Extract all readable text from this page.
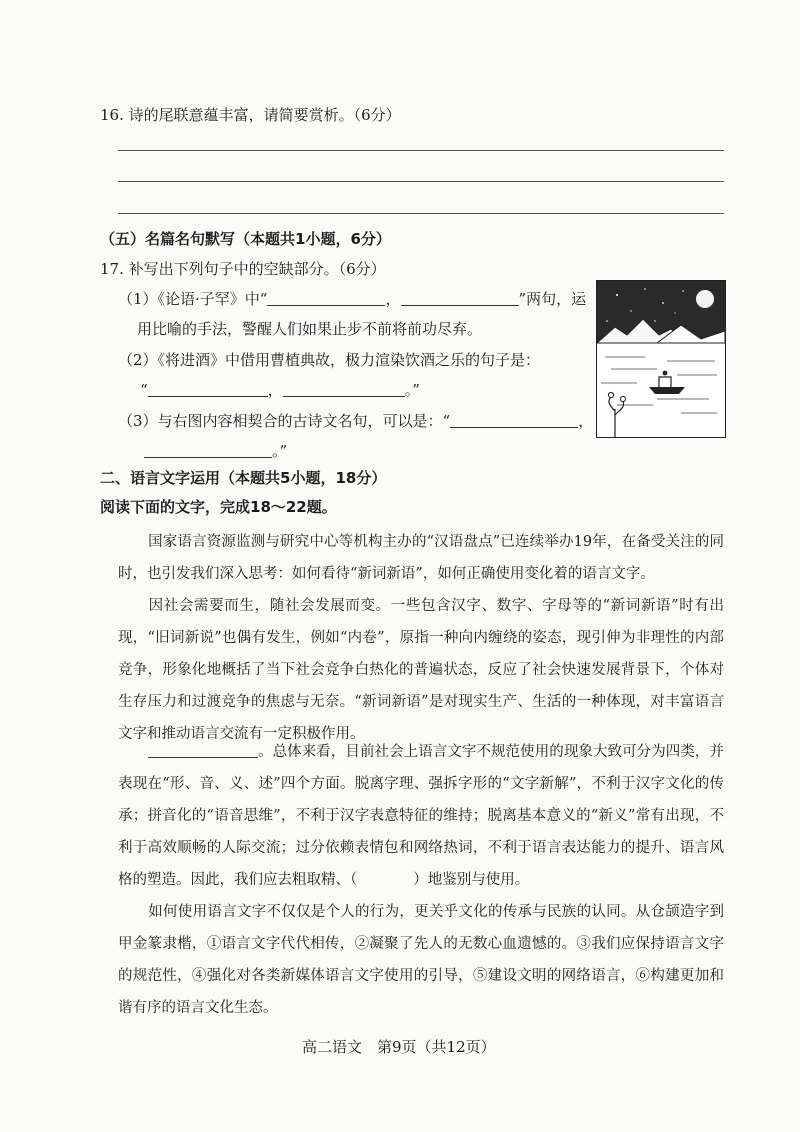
16. 诗的尾联意蕴丰富，请简要赏析。（6分）
（五）名篇名句默写（本题共1小题，6分）
17. 补写出下列句子中的空缺部分。（6分）
（1）《论语·子罕》中“	，	”两句，运
用比喻的手法，警醒人们如果止步不前将前功尽弃。
（2）《将进酒》中借用曹植典故，极力渲染饮酒之乐的句子是：
“	，	。”
（3）与右图内容相契合的古诗文名句，可以是：“	，
。”
二、语言文字运用（本题共5小题，18分）
阅读下面的文字，完成18～22题。
国家语言资源监测与研究中心等机构主办的“汉语盘点”已连续举办19年，在备受关注的同时，也引发我们深入思考：如何看待“新词新语”，如何正确使用变化着的语言文字。
因社会需要而生，随社会发展而变。一些包含汉字、数字、字母等的“新词新语”时有出现，“旧词新说”也偶有发生，例如“内卷”，原指一种向内缠绕的姿态，现引伸为非理性的内部竞争，形象化地概括了当下社会竞争白热化的普遍状态，反应了社会快速发展背景下，个体对生存压力和过渡竞争的焦虑与无奈。“新词新语”是对现实生产、生活的一种体现，对丰富语言文字和推动语言交流有一定积极作用。
。总体来看，目前社会上语言文字不规范使用的现象大致可分为四类，并表现在“形、音、义、述”四个方面。脱离字理、强拆字形的“文字新解”，不利于汉字文化的传承；拼音化的“语音思维”，不利于汉字表意特征的维持；脱离基本意义的“新义”常有出现，不利于高效顺畅的人际交流；过分依赖表情包和网络热词，不利于语言表达能力的提升、语言风格的塑造。因此，我们应去粗取精、（	）地鉴别与使用。
如何使用语言文字不仅仅是个人的行为，更关乎文化的传承与民族的认同。从仓颉造字到甲金篆隶楷，①语言文字代代相传，②凝聚了先人的无数心血遗憾的。③我们应保持语言文字的规范性，④强化对各类新媒体语言文字使用的引导，⑤建设文明的网络语言，⑥构建更加和谐有序的语言文化生态。
高二语文　第9页（共12页）
